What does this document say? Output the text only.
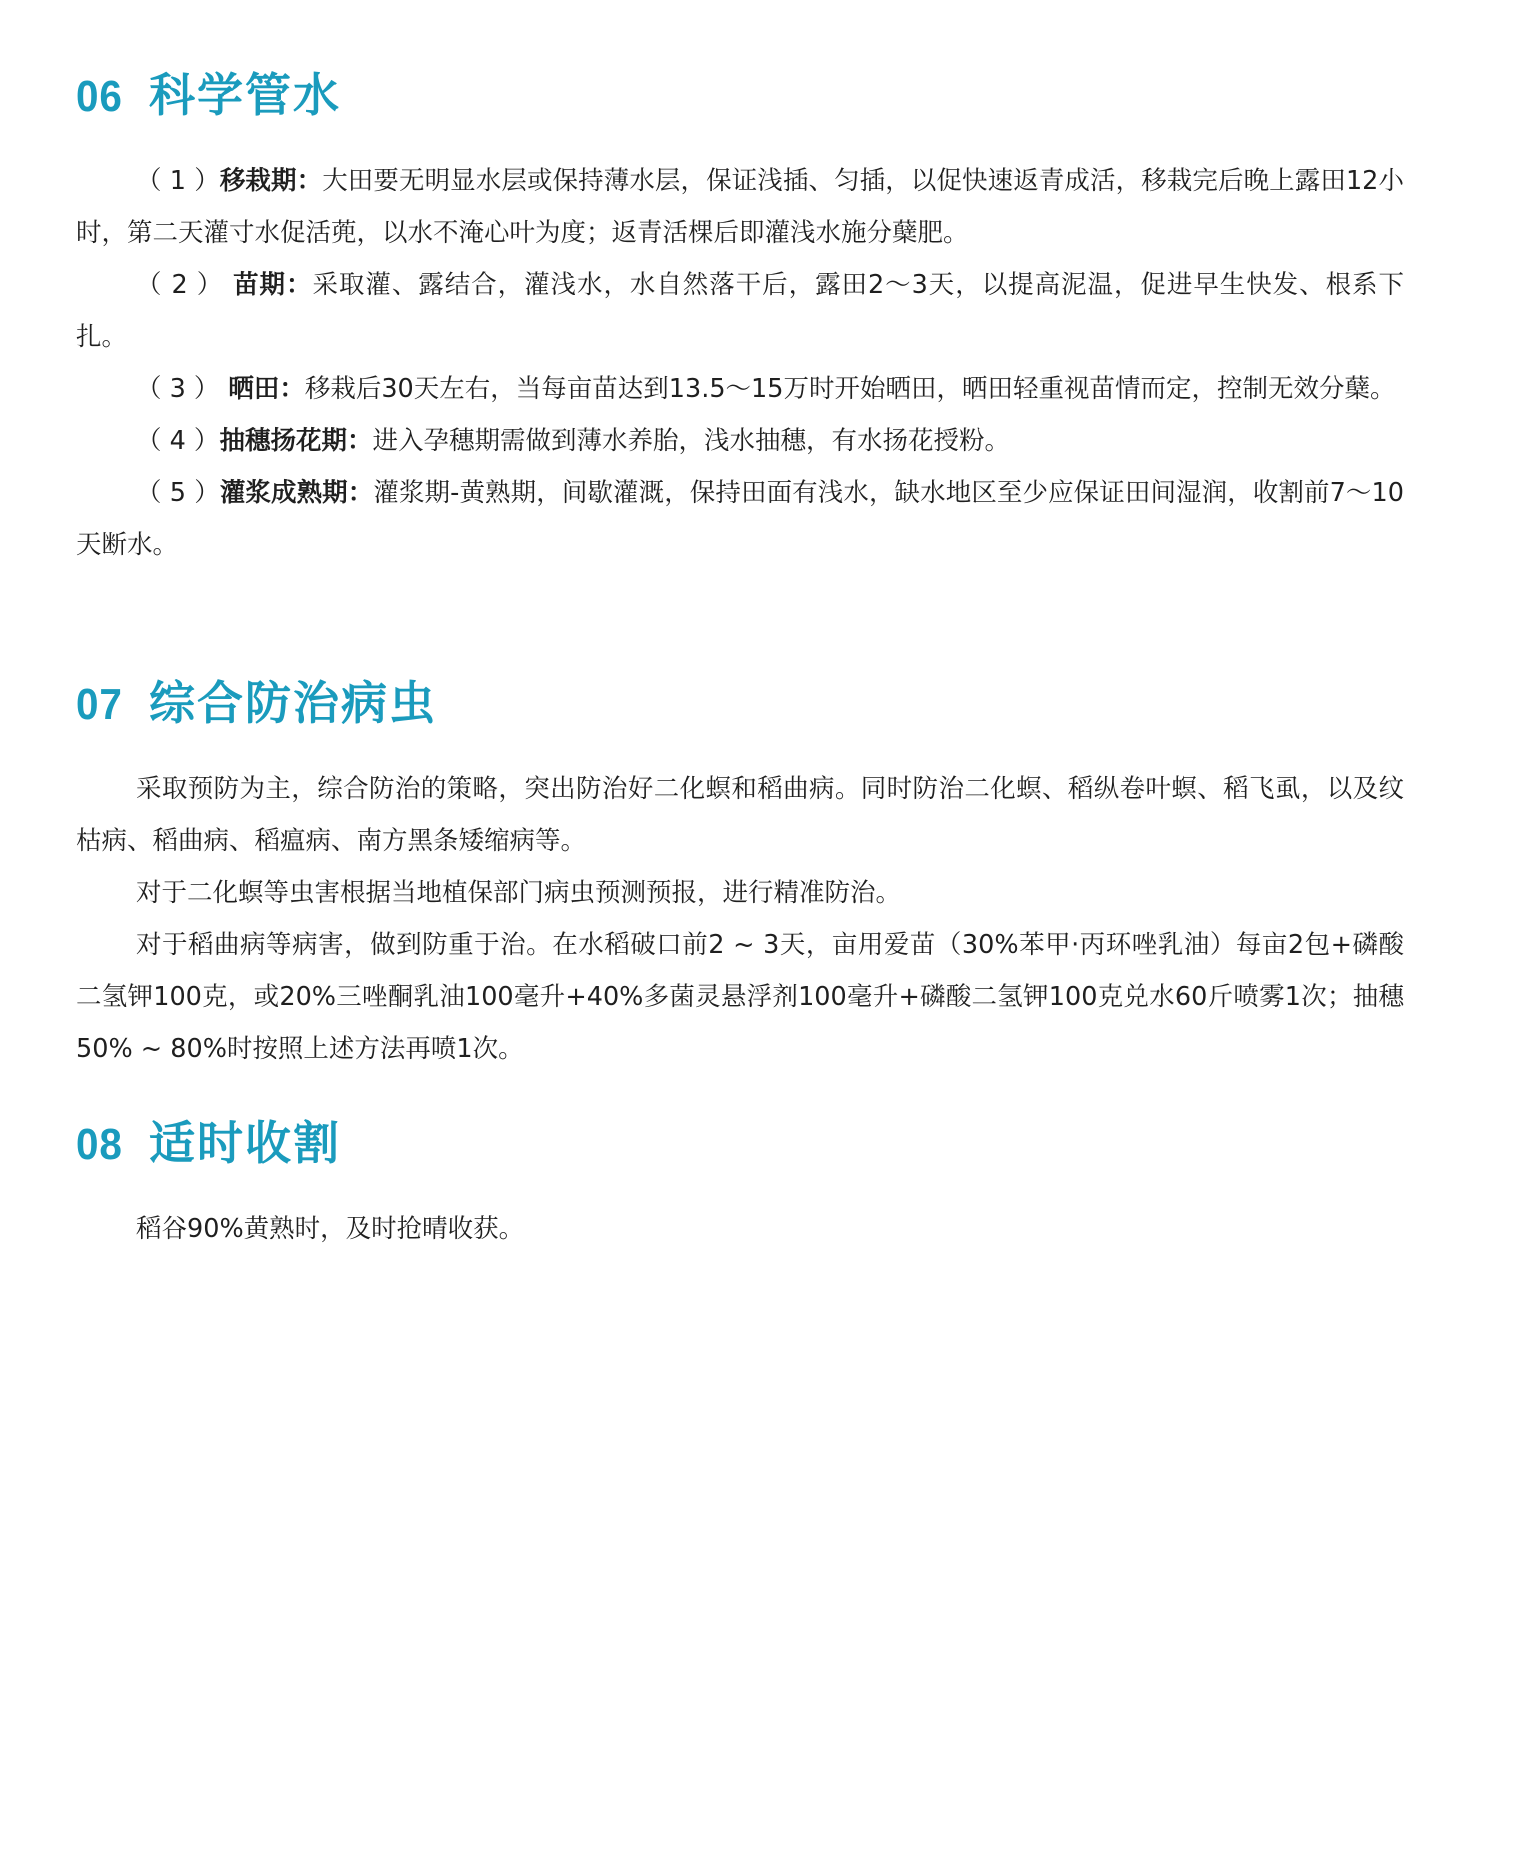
06 科学管水

（ 1 ）移栽期：大田要无明显水层或保持薄水层，保证浅插、匀插，以促快速返青成活，移栽完后晚上露田12小时，第二天灌寸水促活蔸，以水不淹心叶为度；返青活棵后即灌浅水施分蘖肥。

（ 2 ） 苗期：采取灌、露结合，灌浅水，水自然落干后，露田2～3天，以提高泥温，促进早生快发、根系下扎。

（ 3 ） 晒田：移栽后30天左右，当每亩苗达到13.5～15万时开始晒田，晒田轻重视苗情而定，控制无效分蘖。

（ 4 ）抽穗扬花期：进入孕穗期需做到薄水养胎，浅水抽穗，有水扬花授粉。

（ 5 ）灌浆成熟期：灌浆期-黄熟期，间歇灌溉，保持田面有浅水，缺水地区至少应保证田间湿润，收割前7～10天断水。

07 综合防治病虫

采取预防为主，综合防治的策略，突出防治好二化螟和稻曲病。同时防治二化螟、稻纵卷叶螟、稻飞虱，以及纹枯病、稻曲病、稻瘟病、南方黑条矮缩病等。

对于二化螟等虫害根据当地植保部门病虫预测预报，进行精准防治。

对于稻曲病等病害，做到防重于治。在水稻破口前2 ~ 3天，亩用爱苗（30%苯甲·丙环唑乳油）每亩2包+磷酸二氢钾100克，或20%三唑酮乳油100毫升+40%多菌灵悬浮剂100毫升+磷酸二氢钾100克兑水60斤喷雾1次；抽穗50% ~ 80%时按照上述方法再喷1次。

08 适时收割

稻谷90%黄熟时，及时抢晴收获。
